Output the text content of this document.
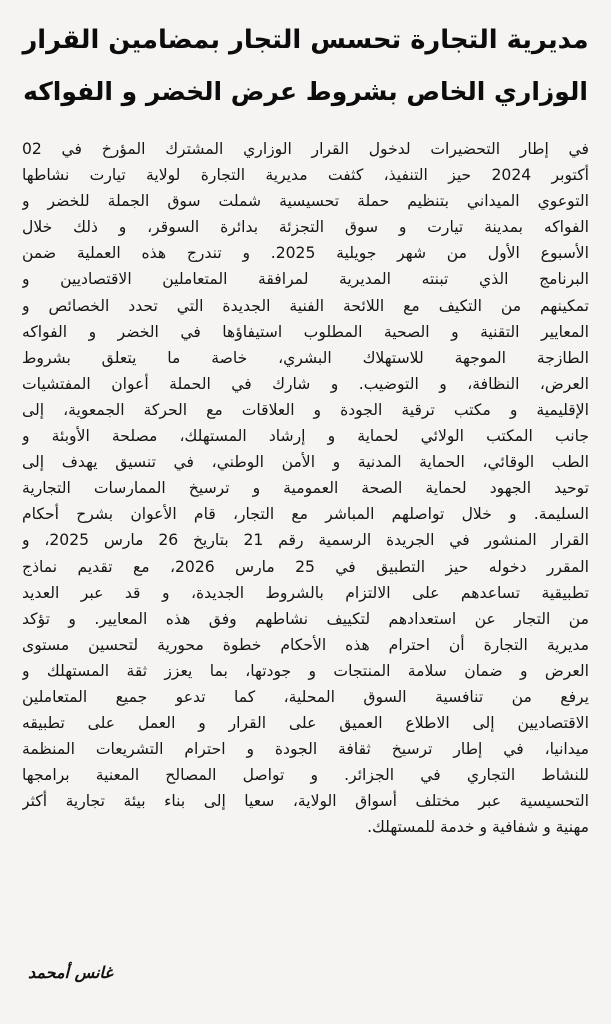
مديرية التجارة تحسس التجار بمضامين القرار
الوزاري الخاص بشروط عرض الخضر و الفواكه
في إطار التحضيرات لدخول القرار الوزاري المشترك المؤرخ في 02
أكتوبر 2024 حيز التنفيذ، كثفت مديرية التجارة لولاية تيارت نشاطها
التوعوي الميداني بتنظيم حملة تحسيسية شملت سوق الجملة للخضر و
الفواكه بمدينة تيارت و سوق التجزئة بدائرة السوقر، و ذلك خلال
الأسبوع الأول من شهر جويلية 2025. و تندرج هذه العملية ضمن
البرنامج الذي تبنته المديرية لمرافقة المتعاملين الاقتصاديين و
تمكينهم من التكيف مع اللائحة الفنية الجديدة التي تحدد الخصائص و
المعايير التقنية و الصحية المطلوب استيفاؤها في الخضر و الفواكه
الطازجة الموجهة للاستهلاك البشري، خاصة ما يتعلق بشروط
العرض، النظافة، و التوضيب. و شارك في الحملة أعوان المفتشيات
الإقليمية و مكتب ترقية الجودة و العلاقات مع الحركة الجمعوية، إلى
جانب المكتب الولائي لحماية و إرشاد المستهلك، مصلحة الأوبئة و
الطب الوقائي، الحماية المدنية و الأمن الوطني، في تنسيق يهدف إلى
توحيد الجهود لحماية الصحة العمومية و ترسيخ الممارسات التجارية
السليمة. و خلال تواصلهم المباشر مع التجار، قام الأعوان بشرح أحكام
القرار المنشور في الجريدة الرسمية رقم 21 بتاريخ 26 مارس 2025، و
المقرر دخوله حيز التطبيق في 25 مارس 2026، مع تقديم نماذج
تطبيقية تساعدهم على الالتزام بالشروط الجديدة، و قد عبر العديد
من التجار عن استعدادهم لتكييف نشاطهم وفق هذه المعايير. و تؤكد
مديرية التجارة أن احترام هذه الأحكام خطوة محورية لتحسين مستوى
العرض و ضمان سلامة المنتجات و جودتها، بما يعزز ثقة المستهلك و
يرفع من تنافسية السوق المحلية، كما تدعو جميع المتعاملين
الاقتصاديين إلى الاطلاع العميق على القرار و العمل على تطبيقه
ميدانيا، في إطار ترسيخ ثقافة الجودة و احترام التشريعات المنظمة
للنشاط التجاري في الجزائر. و تواصل المصالح المعنية برامجها
التحسيسية عبر مختلف أسواق الولاية، سعيا إلى بناء بيئة تجارية أكثر
مهنية و شفافية و خدمة للمستهلك.
غانس أمحمد
